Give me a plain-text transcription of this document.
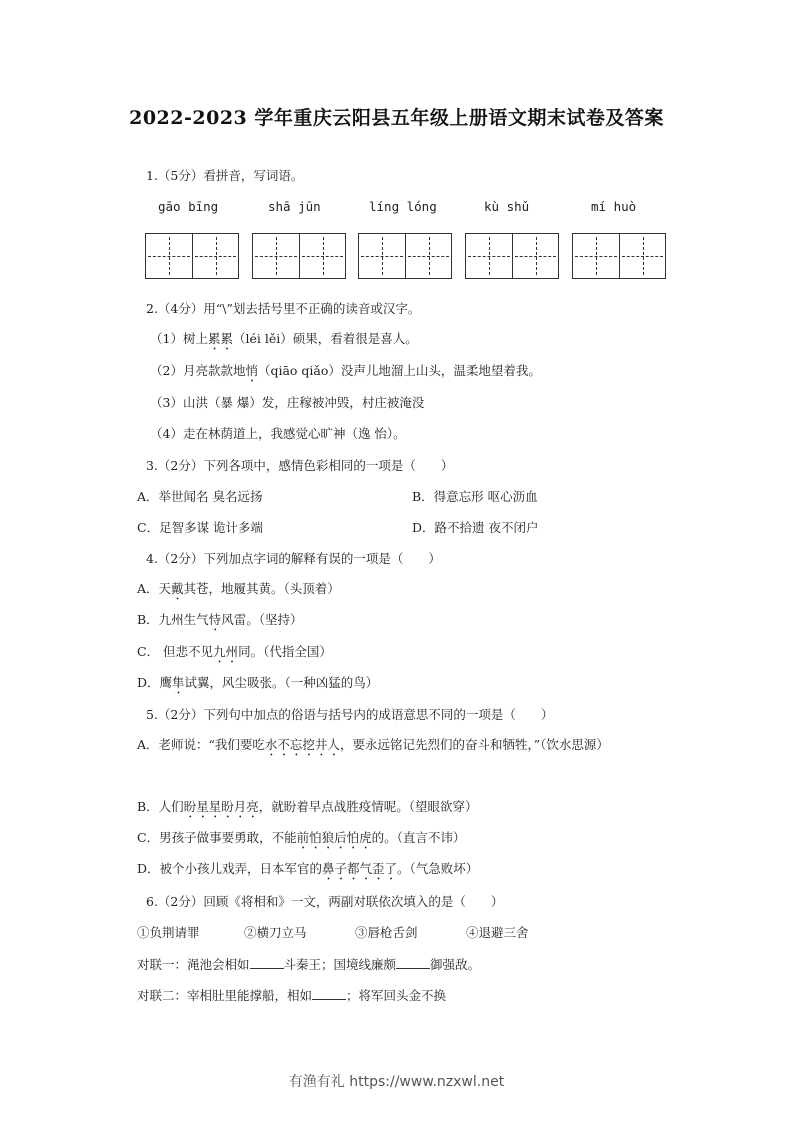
2022-2023 学年重庆云阳县五年级上册语文期末试卷及答案
1.（5分）看拼音，写词语。
gāo bīng	shā jūn	líng lóng	kù shǔ	mí huò
2.（4分）用“\”划去括号里不正确的读音或汉字。
（1）树上累累（léi lěi）硕果，看着很是喜人。
（2）月亮款款地悄（qiāo qiǎo）没声儿地溜上山头，温柔地望着我。
（3）山洪（暴 爆）发，庄稼被冲毁，村庄被淹没
（4）走在林荫道上，我感觉心旷神（逸 怡）。
3.（2分）下列各项中，感情色彩相同的一项是（　　）
A．举世闻名 臭名远扬	B．得意忘形 呕心沥血
C．足智多谋 诡计多端	D．路不拾遗 夜不闭户
4.（2分）下列加点字词的解释有误的一项是（　　）
A．天戴其苍，地履其黄。（头顶着）
B．九州生气恃风雷。（坚持）
C． 但悲不见九州同。（代指全国）
D．鹰隼试翼，风尘吸张。（一种凶猛的鸟）
5.（2分）下列句中加点的俗语与括号内的成语意思不同的一项是（　　）
A．老师说：“我们要吃水不忘挖井人，要永远铭记先烈们的奋斗和牺牲，”（饮水思源）
B．人们盼星星盼月亮，就盼着早点战胜疫情呢。（望眼欲穿）
C．男孩子做事要勇敢，不能前怕狼后怕虎的。（直言不讳）
D．被个小孩儿戏弄，日本军官的鼻子都气歪了。（气急败坏）
6.（2分）回顾《将相和》一文，两副对联依次填入的是（　　）
①负荆请罪	②横刀立马	③唇枪舌剑	④退避三舍
对联一：渑池会相如	斗秦王；国境线廉颇	御强敌。
对联二：宰相肚里能撑船，相如	；将军回头金不换
有渔有礼 https://www.nzxwl.net
